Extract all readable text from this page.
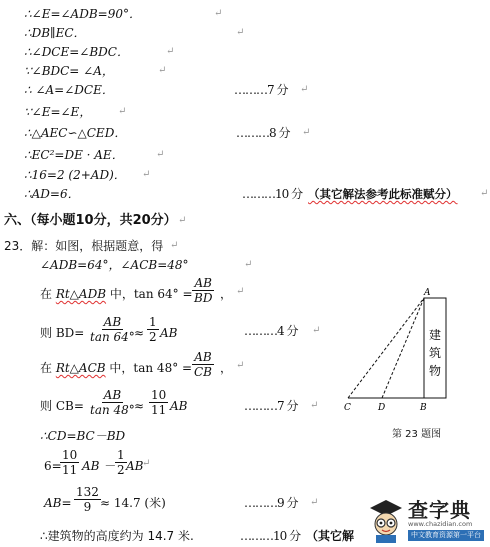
∴∠E=∠ADB=90°．	↵
∴DB∥EC．	↵
∴∠DCE=∠BDC．	↵
∵∠BDC= ∠A，	↵
∴ ∠A=∠DCE．	………7 分 ↵
∵∠E=∠E，	↵
∴△AEC∽△CED．	………8 分 ↵
∴EC²=DE · AE．	↵
∴16=2 (2+AD)． ↵
∴AD=6．	………10 分 （其它解法参考此标准赋分） ↵
六、（每小题10分，共20分） ↵
23．解：如图，根据题意，得 ↵
∠ADB=64°，∠ACB=48°	↵
在 Rt△ADB 中，$\tan 64^\circ = \frac{AB}{BD}$ ， ↵
则 $BD= \frac{AB}{\tan 64^\circ}$
≈ $\frac{1}{2}$ AB	………4 分 ↵
在 Rt△ACB 中，$\tan 48^\circ = \frac{AB}{CB}$ ， ↵
则 $CB= \frac{AB}{\tan 48^\circ}$
≈ $\frac{10}{11}$ AB	………7 分 ↵
∴CD=BC－BD
6=
$\frac{10}{11}$ AB － $\frac{1}{2}$ AB
↵
$AB= \frac{132}{9} \approx 14.7$ (米)	………9 分 ↵
∴建筑物的高度约为 14.7 米.	………10 分 （其它解
A
B
C	D
建
筑
物
第 23 题图
查字典
www.chazidian.com
中文教育资源第一平台
